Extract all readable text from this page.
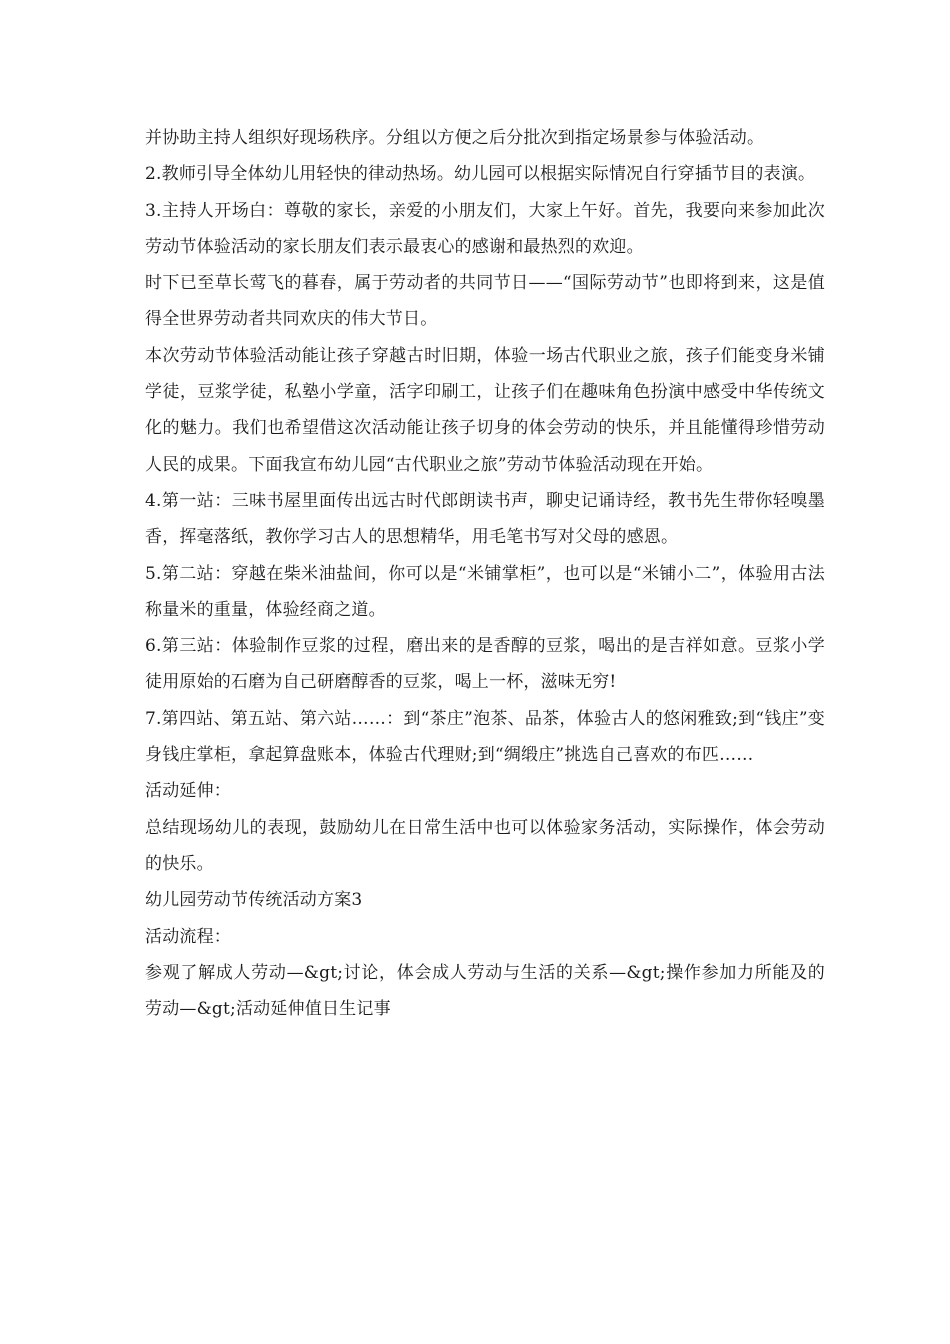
并协助主持人组织好现场秩序。分组以方便之后分批次到指定场景参与体验活动。

2.教师引导全体幼儿用轻快的律动热场。幼儿园可以根据实际情况自行穿插节目的表演。

3.主持人开场白：尊敬的家长，亲爱的小朋友们，大家上午好。首先，我要向来参加此次劳动节体验活动的家长朋友们表示最衷心的感谢和最热烈的欢迎。

时下已至草长莺飞的暮春，属于劳动者的共同节日——“国际劳动节”也即将到来，这是值得全世界劳动者共同欢庆的伟大节日。

本次劳动节体验活动能让孩子穿越古时旧期，体验一场古代职业之旅，孩子们能变身米铺学徒，豆浆学徒，私塾小学童，活字印刷工，让孩子们在趣味角色扮演中感受中华传统文化的魅力。我们也希望借这次活动能让孩子切身的体会劳动的快乐，并且能懂得珍惜劳动人民的成果。下面我宣布幼儿园“古代职业之旅”劳动节体验活动现在开始。

4.第一站：三味书屋里面传出远古时代郎朗读书声，聊史记诵诗经，教书先生带你轻嗅墨香，挥毫落纸，教你学习古人的思想精华，用毛笔书写对父母的感恩。

5.第二站：穿越在柴米油盐间，你可以是“米铺掌柜”，也可以是“米铺小二”，体验用古法称量米的重量，体验经商之道。

6.第三站：体验制作豆浆的过程，磨出来的是香醇的豆浆，喝出的是吉祥如意。豆浆小学徒用原始的石磨为自己研磨醇香的豆浆，喝上一杯，滋味无穷!

7.第四站、第五站、第六站……：到“茶庄”泡茶、品茶，体验古人的悠闲雅致;到“钱庄”变身钱庄掌柜，拿起算盘账本，体验古代理财;到“绸缎庄”挑选自己喜欢的布匹……

活动延伸：

总结现场幼儿的表现，鼓励幼儿在日常生活中也可以体验家务活动，实际操作，体会劳动的快乐。

幼儿园劳动节传统活动方案3

活动流程：

参观了解成人劳动—&gt;讨论，体会成人劳动与生活的关系—&gt;操作参加力所能及的劳动—&gt;活动延伸值日生记事
